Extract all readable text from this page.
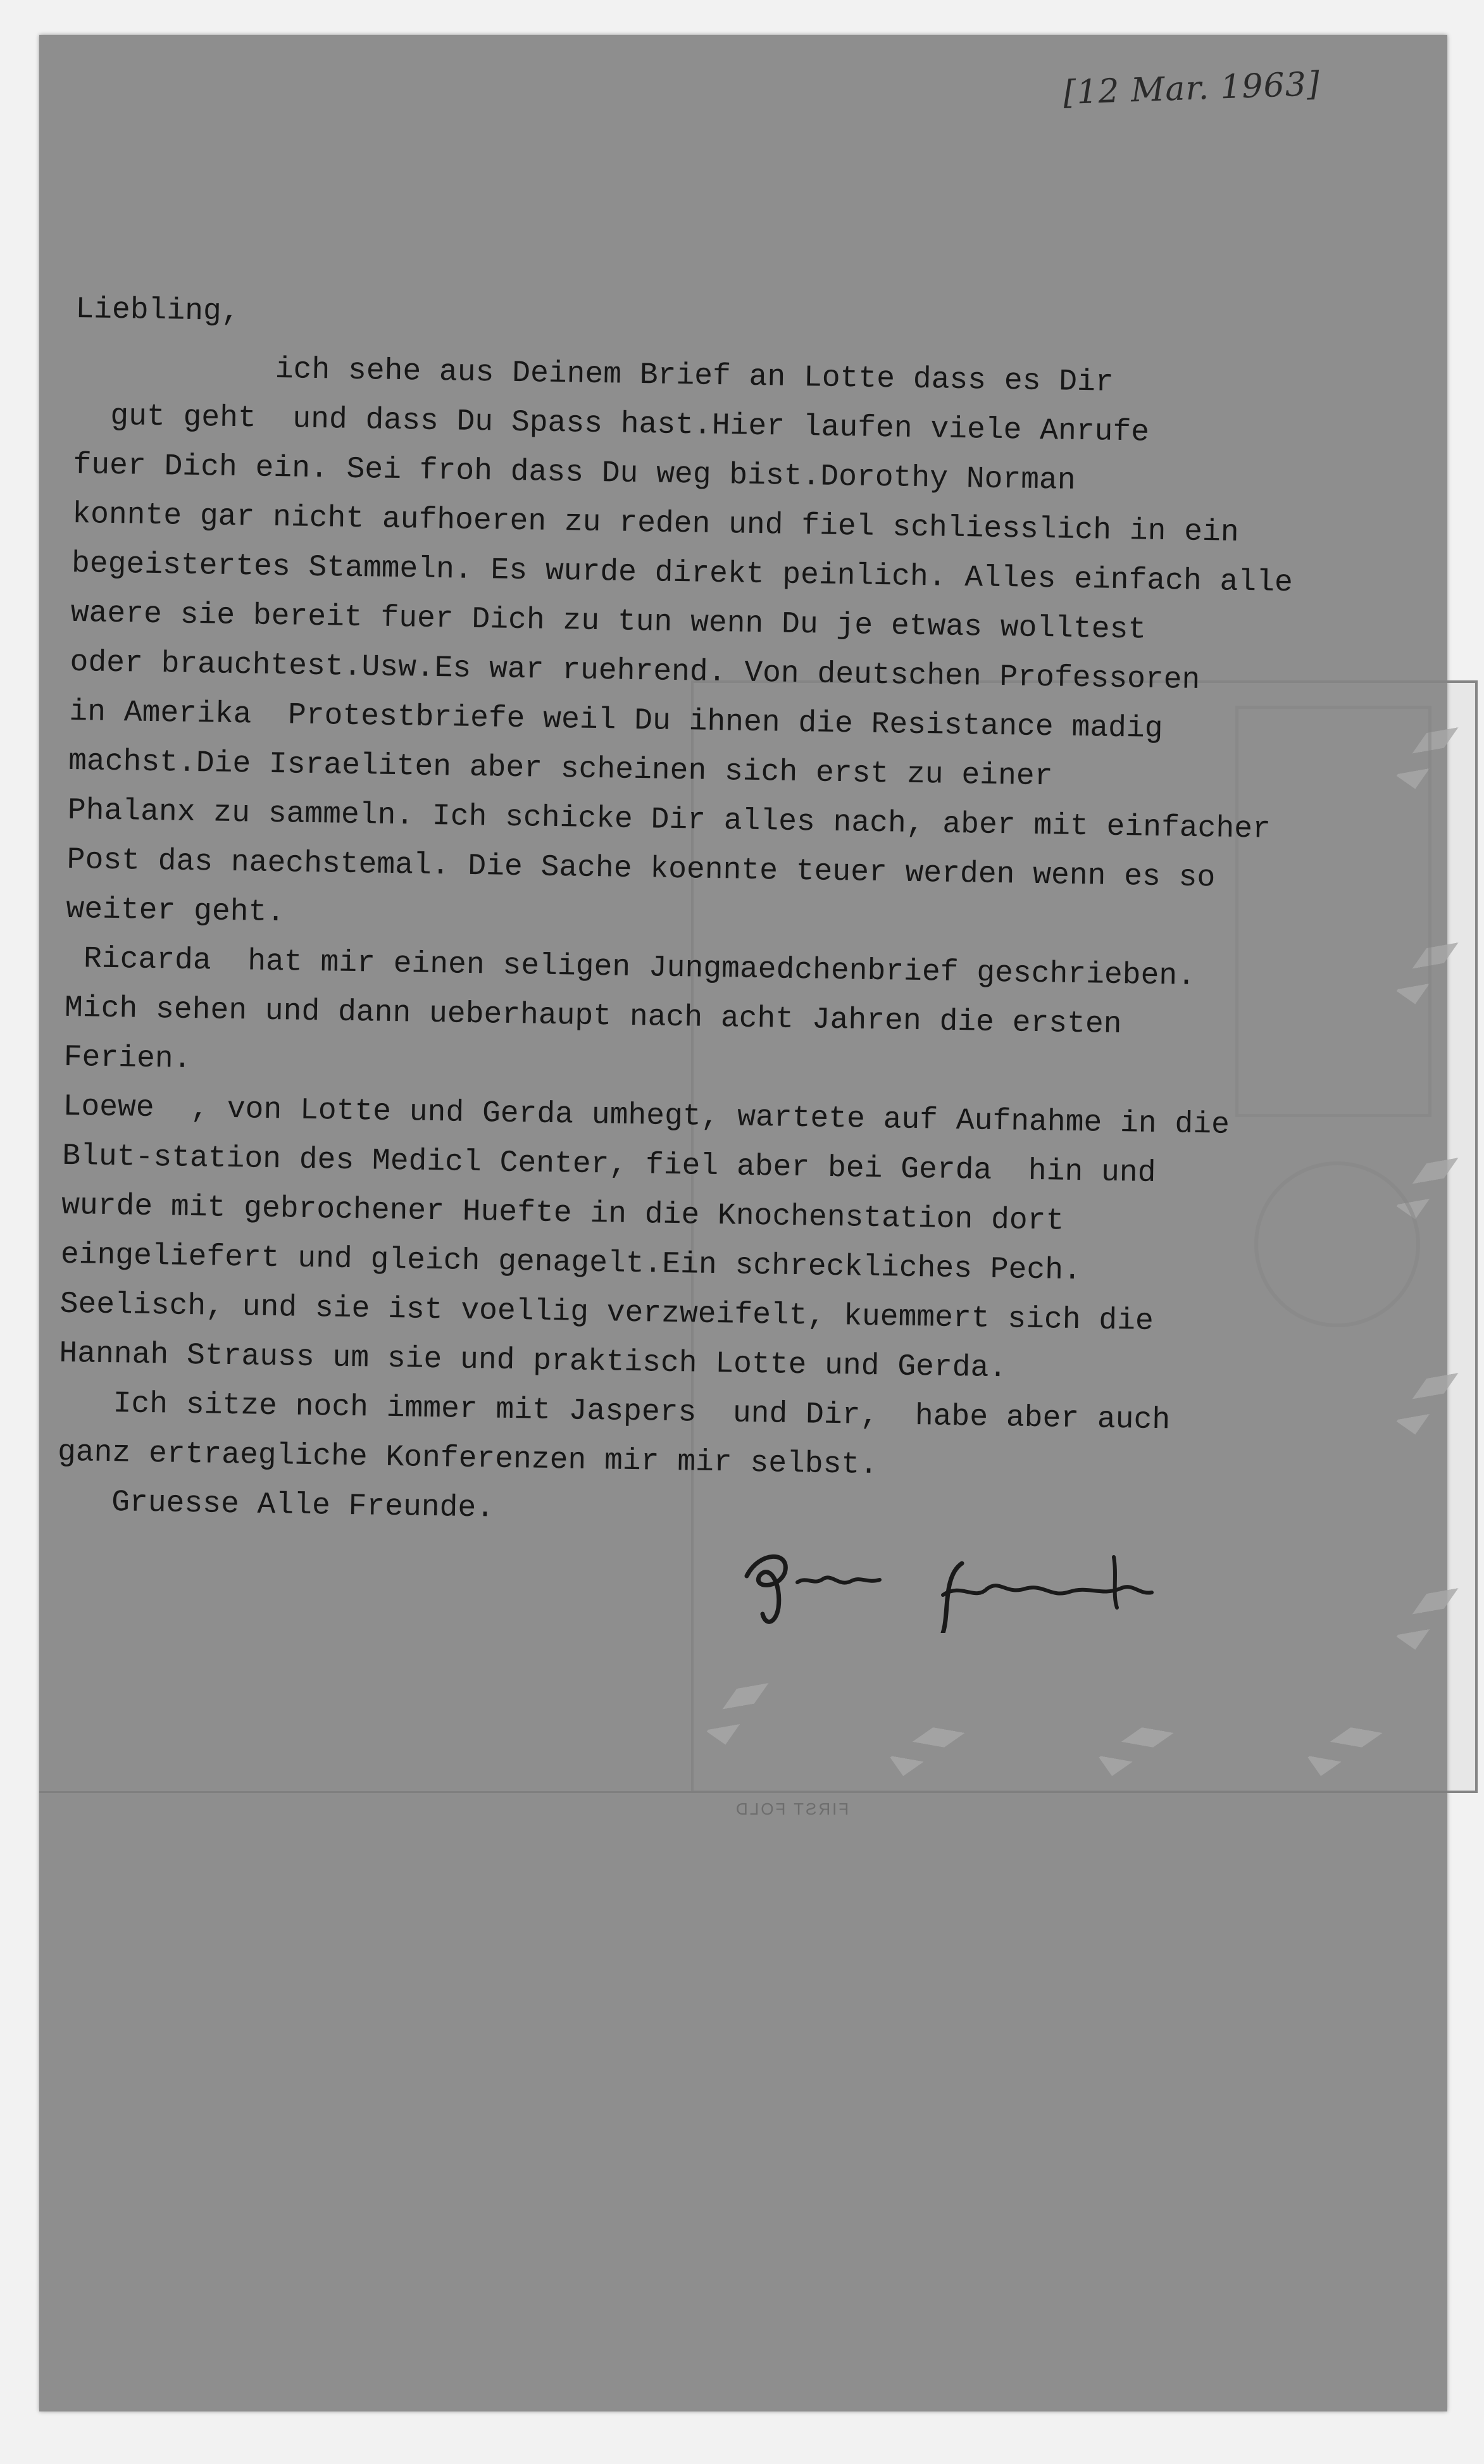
FIRST FOLD
[12 Mar. 1963]
Liebling,
ich sehe aus Deinem Brief an Lotte dass es Dir
gut geht  und dass Du Spass hast.Hier laufen viele Anrufe
fuer Dich ein. Sei froh dass Du weg bist.Dorothy Norman
konnte gar nicht aufhoeren zu reden und fiel schliesslich in ein
begeistertes Stammeln. Es wurde direkt peinlich. Alles einfach alle
waere sie bereit fuer Dich zu tun wenn Du je etwas wolltest
oder brauchtest.Usw.Es war ruehrend. Von deutschen Professoren
in Amerika  Protestbriefe weil Du ihnen die Resistance madig
machst.Die Israeliten aber scheinen sich erst zu einer
Phalanx zu sammeln. Ich schicke Dir alles nach, aber mit einfacher
Post das naechstemal. Die Sache koennte teuer werden wenn es so
weiter geht.
Ricarda  hat mir einen seligen Jungmaedchenbrief geschrieben.
Mich sehen und dann ueberhaupt nach acht Jahren die ersten
Ferien.
Loewe  , von Lotte und Gerda umhegt, wartete auf Aufnahme in die
Blut-station des Medicl Center, fiel aber bei Gerda  hin und
wurde mit gebrochener Huefte in die Knochenstation dort
eingeliefert und gleich genagelt.Ein schreckliches Pech.
Seelisch, und sie ist voellig verzweifelt, kuemmert sich die
Hannah Strauss um sie und praktisch Lotte und Gerda.
Ich sitze noch immer mit Jaspers  und Dir,  habe aber auch
ganz ertraegliche Konferenzen mir mir selbst.
Gruesse Alle Freunde.
